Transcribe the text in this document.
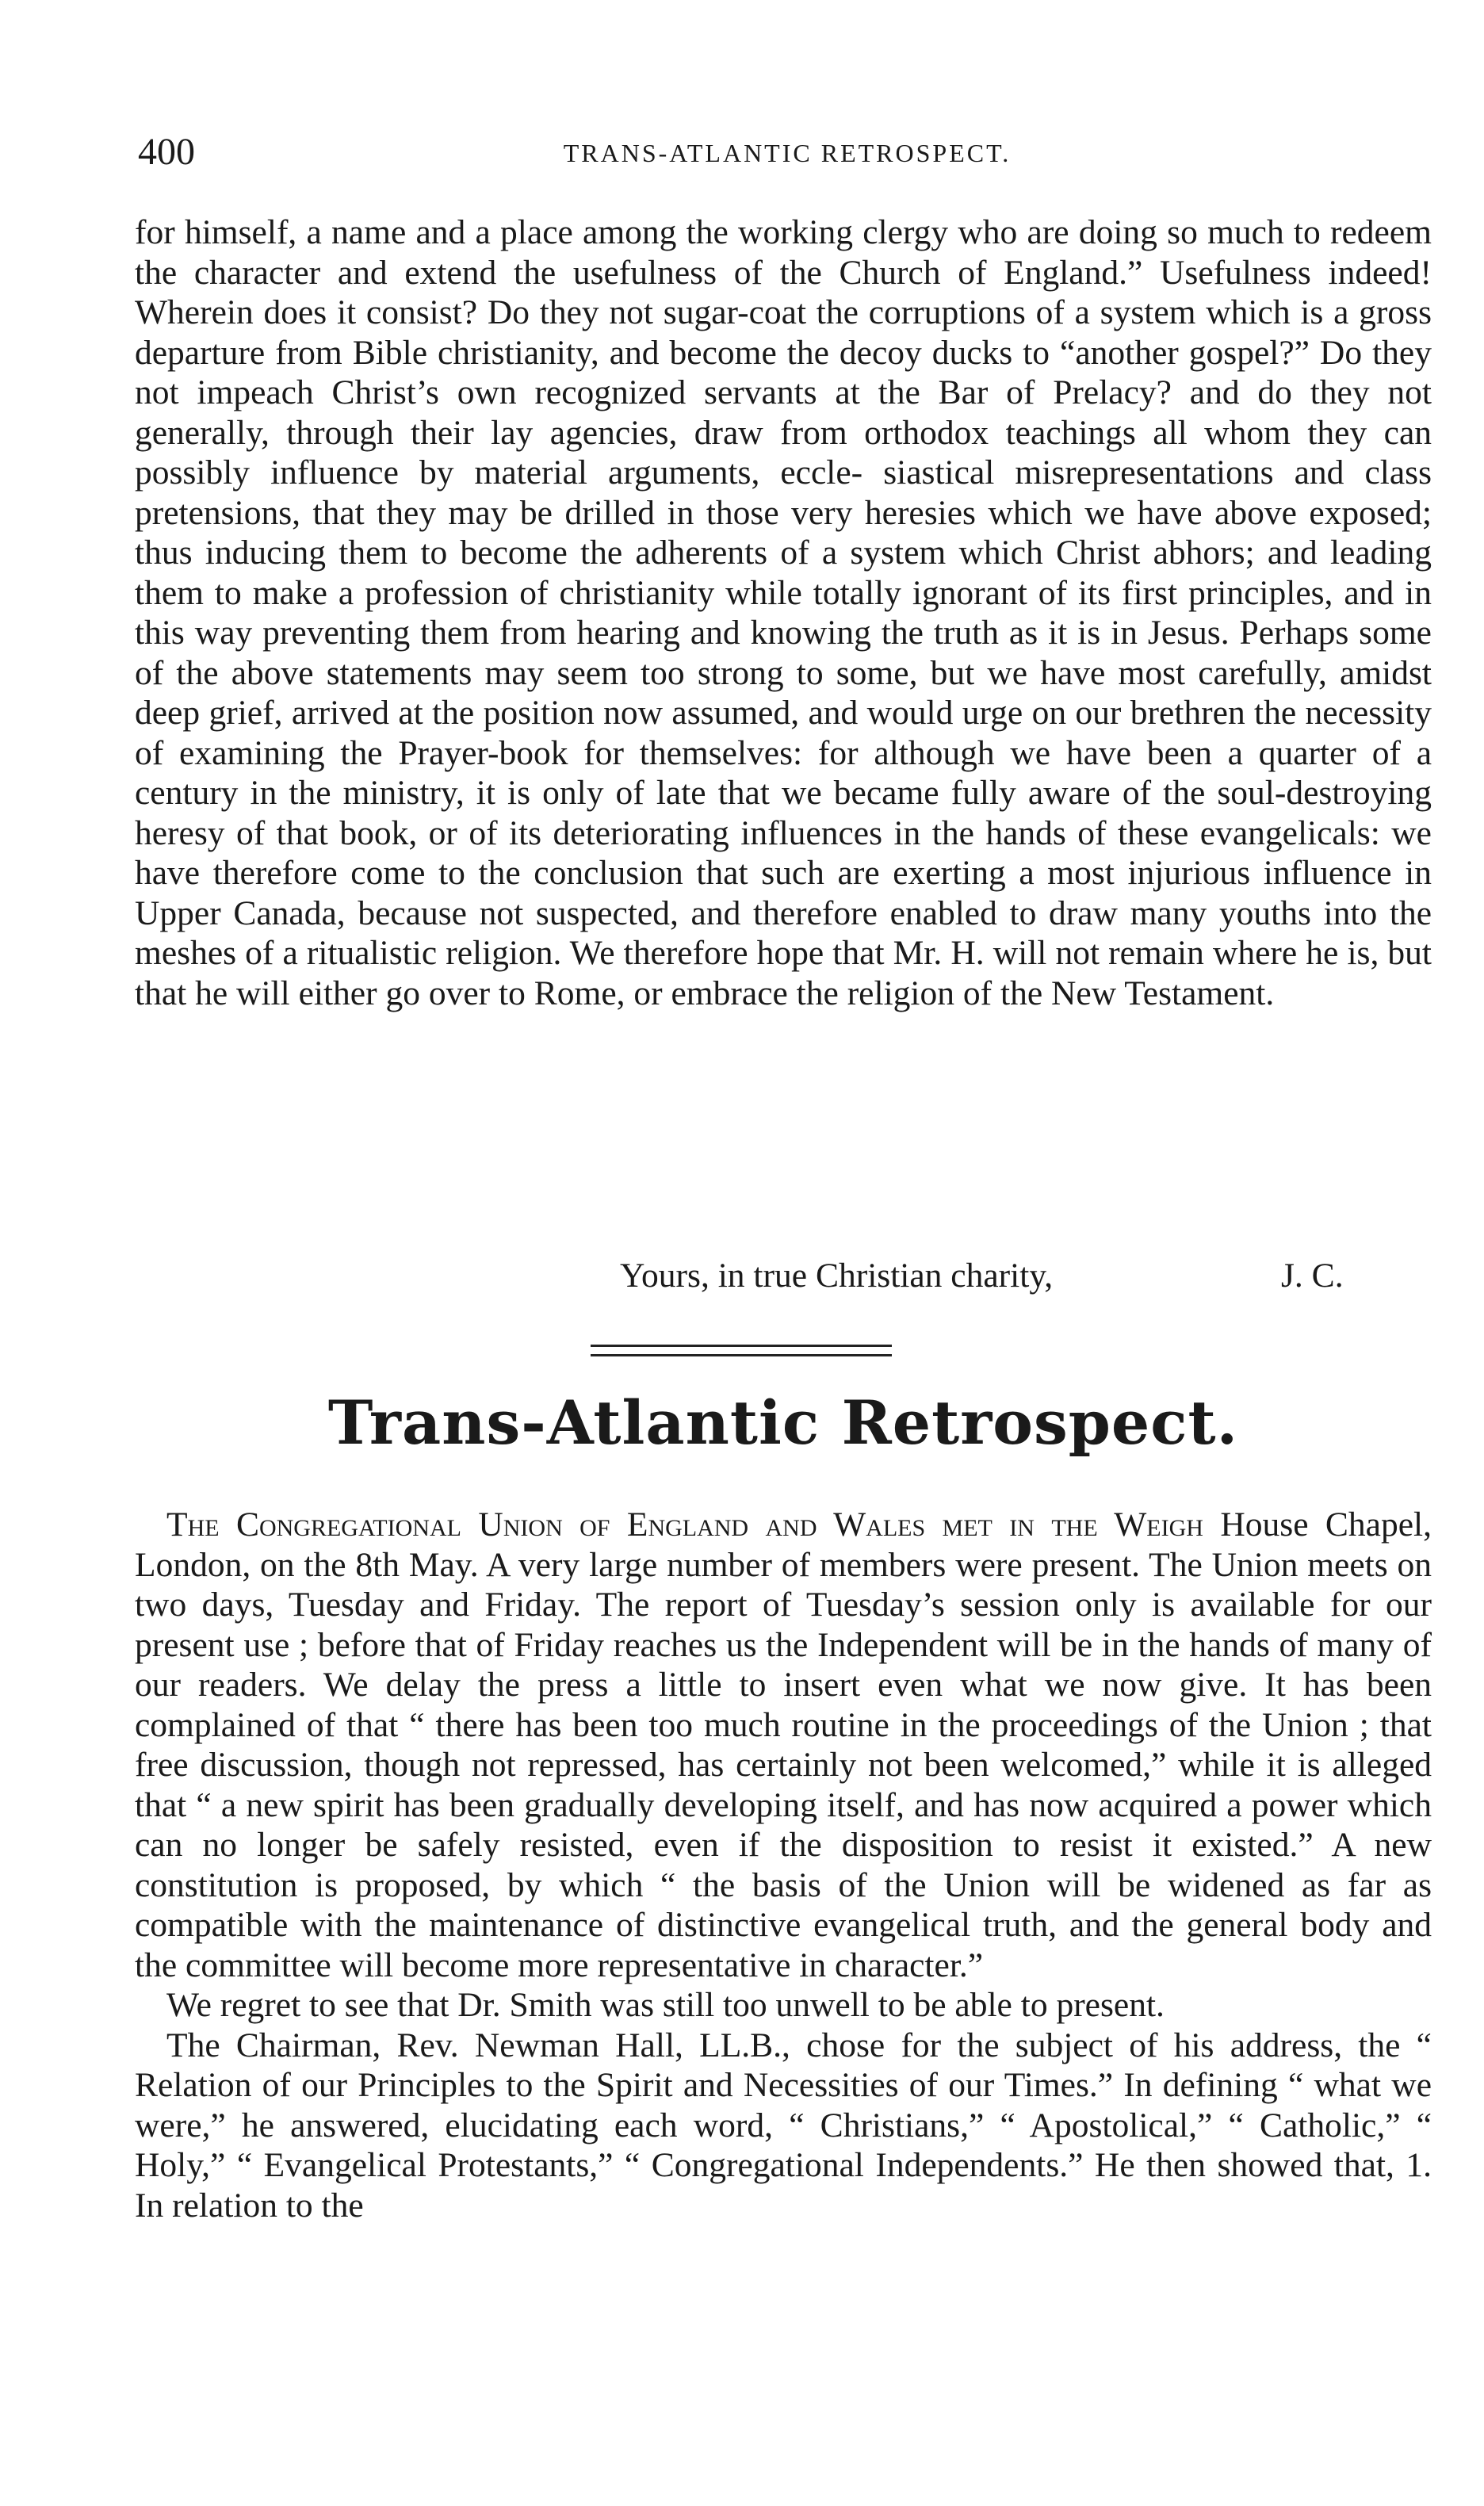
400	TRANS-ATLANTIC RETROSPECT.

for himself, a name and a place among the working clergy who are doing so much to redeem the character and extend the usefulness of the Church of England.” Usefulness indeed! Wherein does it consist? Do they not sugar-coat the corruptions of a system which is a gross departure from Bible christianity, and become the decoy ducks to “another gospel?” Do they not impeach Christ’s own recognized servants at the Bar of Prelacy? and do they not generally, through their lay agencies, draw from orthodox teachings all whom they can possibly influence by material arguments, eccle- siastical misrepresentations and class pretensions, that they may be drilled in those very heresies which we have above exposed; thus inducing them to become the adherents of a system which Christ abhors; and leading them to make a profession of christianity while totally ignorant of its first principles, and in this way preventing them from hearing and knowing the truth as it is in Jesus. Perhaps some of the above statements may seem too strong to some, but we have most carefully, amidst deep grief, arrived at the position now assumed, and would urge on our brethren the necessity of examining the Prayer-book for themselves: for although we have been a quarter of a century in the ministry, it is only of late that we became fully aware of the soul-destroying heresy of that book, or of its deteriorating influences in the hands of these evangelicals: we have therefore come to the conclusion that such are exerting a most injurious influence in Upper Canada, because not suspected, and therefore enabled to draw many youths into the meshes of a ritualistic religion. We therefore hope that Mr. H. will not remain where he is, but that he will either go over to Rome, or embrace the religion of the New Testament.

Yours, in true Christian charity,	J. C.
Trans-Atlantic Retrospect.

The Congregational Union of England and Wales met in the Weigh House Chapel, London, on the 8th May. A very large number of members were present. The Union meets on two days, Tuesday and Friday. The report of Tuesday’s session only is available for our present use ; before that of Friday reaches us the Independent will be in the hands of many of our readers. We delay the press a little to insert even what we now give. It has been complained of that “ there has been too much routine in the proceedings of the Union ; that free discussion, though not repressed, has certainly not been welcomed,” while it is alleged that “ a new spirit has been gradually developing itself, and has now acquired a power which can no longer be safely resisted, even if the disposition to resist it existed.” A new constitution is proposed, by which “ the basis of the Union will be widened as far as compatible with the maintenance of distinctive evangelical truth, and the general body and the committee will become more representative in character.”

We regret to see that Dr. Smith was still too unwell to be able to present.

The Chairman, Rev. Newman Hall, LL.B., chose for the subject of his address, the “ Relation of our Principles to the Spirit and Necessities of our Times.” In defining “ what we were,” he answered, elucidating each word, “ Christians,” “ Apostolical,” “ Catholic,” “ Holy,” “ Evangelical Protestants,” “ Congregational Independents.” He then showed that, 1. In relation to the
